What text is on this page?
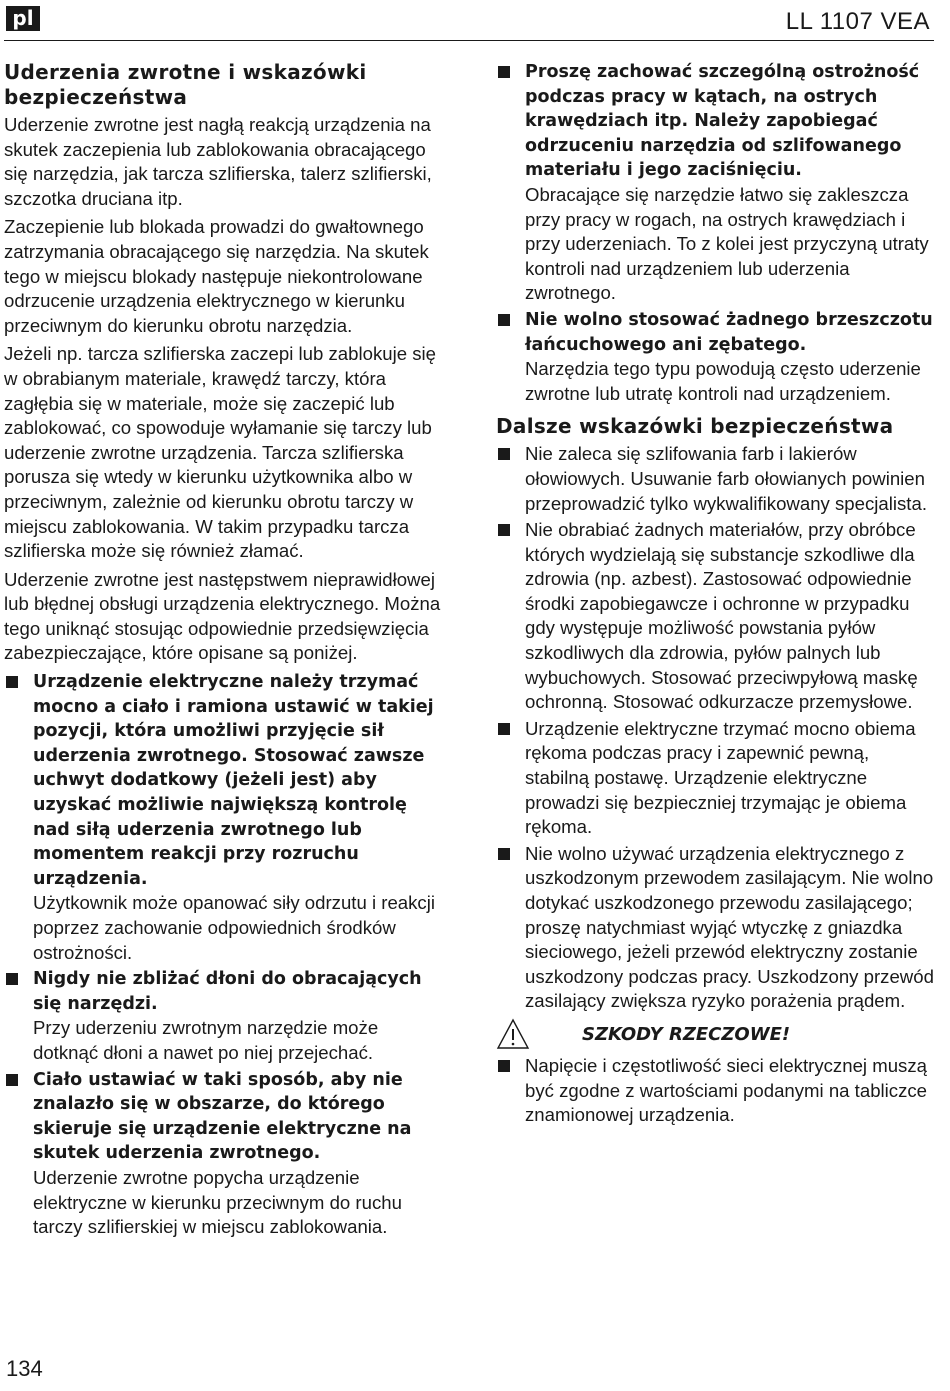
pl	LL 1107 VEA
Uderzenia zwrotne i wskazówki bezpieczeństwa

Uderzenie zwrotne jest nagłą reakcją urządzenia na skutek zaczepienia lub zablokowania obracającego się narzędzia, jak tarcza szlifierska, talerz szlifierski, szczotka druciana itp.

Zaczepienie lub blokada prowadzi do gwałtownego zatrzymania obracającego się narzędzia. Na skutek tego w miejscu blokady następuje niekontrolowane odrzucenie urządzenia elektrycznego w kierunku przeciwnym do kierunku obrotu narzędzia.

Jeżeli np. tarcza szlifierska zaczepi lub zablokuje się w obrabianym materiale, krawędź tarczy, która zagłębia się w materiale, może się zaczepić lub zablokować, co spowoduje wyłamanie się tarczy lub uderzenie zwrotne urządzenia. Tarcza szlifierska porusza się wtedy w kierunku użytkownika albo w przeciwnym, zależnie od kierunku obrotu tarczy w miejscu zablokowania. W takim przypadku tarcza szlifierska może się również złamać.

Uderzenie zwrotne jest następstwem nieprawidłowej lub błędnej obsługi urządzenia elektrycznego. Można tego uniknąć stosując odpowiednie przedsięwzięcia zabezpieczające, które opisane są poniżej.

Urządzenie elektryczne należy trzymać mocno a ciało i ramiona ustawić w takiej pozycji, która umożliwi przyjęcie sił uderzenia zwrotnego. Stosować zawsze uchwyt dodatkowy (jeżeli jest) aby uzyskać możliwie największą kontrolę nad siłą uderzenia zwrotnego lub momentem reakcji przy rozruchu urządzenia.
Użytkownik może opanować siły odrzutu i reakcji poprzez zachowanie odpowiednich środków ostrożności.
Nigdy nie zbliżać dłoni do obracających się narzędzi.
Przy uderzeniu zwrotnym narzędzie może dotknąć dłoni a nawet po niej przejechać.
Ciało ustawiać w taki sposób, aby nie znalazło się w obszarze, do którego skieruje się urządzenie elektryczne na skutek uderzenia zwrotnego.
Uderzenie zwrotne popycha urządzenie elektryczne w kierunku przeciwnym do ruchu tarczy szlifierskiej w miejscu zablokowania.
Proszę zachować szczególną ostrożność podczas pracy w kątach, na ostrych krawędziach itp. Należy zapobiegać odrzuceniu narzędzia od szlifowanego materiału i jego zaciśnięciu.
Obracające się narzędzie łatwo się zakleszcza przy pracy w rogach, na ostrych krawędziach i przy uderzeniach. To z kolei jest przyczyną utraty kontroli nad urządzeniem lub uderzenia zwrotnego.
Nie wolno stosować żadnego brzeszczotu łańcuchowego ani zębatego.
Narzędzia tego typu powodują często uderzenie zwrotne lub utratę kontroli nad urządzeniem.
Dalsze wskazówki bezpieczeństwa
Nie zaleca się szlifowania farb i lakierów ołowiowych. Usuwanie farb ołowianych powinien przeprowadzić tylko wykwalifikowany specjalista.
Nie obrabiać żadnych materiałów, przy obróbce których wydzielają się substancje szkodliwe dla zdrowia (np. azbest). Zastosować odpowiednie środki zapobiegawcze i ochronne w przypadku gdy występuje możliwość powstania pyłów szkodliwych dla zdrowia, pyłów palnych lub wybuchowych. Stosować przeciwpyłową maskę ochronną. Stosować odkurzacze przemysłowe.
Urządzenie elektryczne trzymać mocno obiema rękoma podczas pracy i zapewnić pewną, stabilną postawę. Urządzenie elektryczne prowadzi się bezpieczniej trzymając je obiema rękoma.
Nie wolno używać urządzenia elektrycznego z uszkodzonym przewodem zasilającym. Nie wolno dotykać uszkodzonego przewodu zasilającego; proszę natychmiast wyjąć wtyczkę z gniazdka sieciowego, jeżeli przewód elektryczny zostanie uszkodzony podczas pracy. Uszkodzony przewód zasilający zwiększa ryzyko porażenia prądem.
SZKODY RZECZOWE!
Napięcie i częstotliwość sieci elektrycznej muszą być zgodne z wartościami podanymi na tabliczce znamionowej urządzenia.
134
